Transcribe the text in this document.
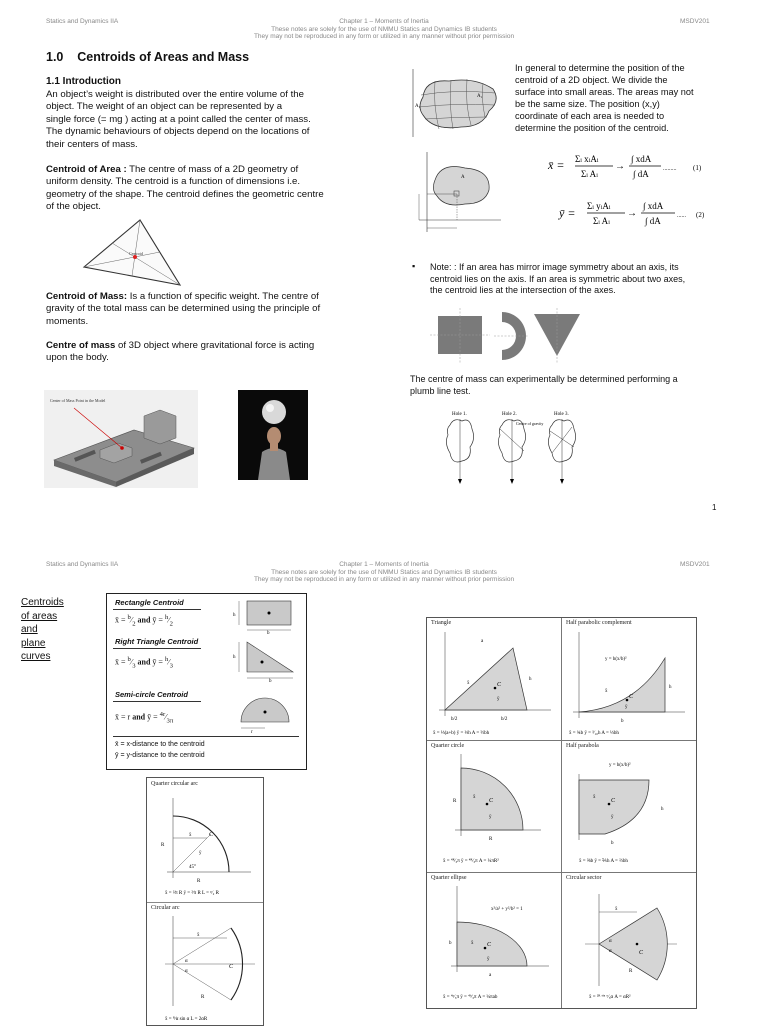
Statics and Dynamics IIA	Chapter 1 – Moments of Inertia
These notes are solely for the use of NMMU Statics and Dynamics IB students
They may not be reproduced in any form or utilized in any manner without prior permission
MSDV201
1.0    Centroids of Areas and Mass
1.1 Introduction
An object’s weight is distributed over the entire volume of the
object. The weight of an object can be represented by a
single force (= mg ) acting at a point called the center of mass.
The dynamic behaviours of objects depend on the locations of
their centers of mass.
Centroid of Area : The centre of mass of a 2D geometry of
uniform density. The centroid is a function of dimensions i.e.
geometry of the shape. The centroid defines the geometric centre
of the object.
Centroid
Centroid of Mass: Is a function of specific weight. The centre of
gravity of the total mass can be determined using the principle of
moments.
Centre of mass of 3D object where gravitational force is acting
upon the body.
Center of Mass Point in the Model
A₁
A₁
A
In general to determine the position of the
centroid of a 2D object. We divide the
surface into small areas. The areas may not
be the same size. The position (x,y)
coordinate of each area is needed to
determine the position of the centroid.
x̄ = Σi xiAi
Σi Ai
→
∫ xdA
∫ dA ......... (1)
ȳ = Σi yiAi
Σi Ai
→
∫ xdA
∫ dA	...... (2)
▪ Note: : If an area has mirror image symmetry about an axis, its
centroid lies on the axis. If an area is symmetric about two axes,
the centroid lies at the intersection of the axes.
The centre of mass can experimentally be determined performing a
plumb line test.
Hole 1.	Hole 2.	Hole 3.
Centre of gravity
1
Statics and Dynamics IIA	Chapter 1 – Moments of Inertia
These notes are solely for the use of NMMU Statics and Dynamics IB students
They may not be reproduced in any form or utilized in any manner without prior permission
MSDV201
Centroids
of areas
and
plane
curves
Rectangle Centroid
x̄ = $^b⁄_2$ and ȳ = $^h⁄_2$
Right Triangle Centroid
x̄ = $^b⁄_3$ and ȳ = $^h⁄_3$
Semi-circle Centroid
x̄ = r and ȳ = $^{4r}⁄_{3\pi}$
x̄ = x-distance to the centroid
ȳ = y-distance to the centroid
h
b
h
b
r
Quarter circular arc
x̄	C
ȳ
45°
R
R
x̄ = ²⁄π R ȳ = ²⁄π R L = ᵖ⁄₂ R
Circular arc
x̄
C
α
α
R
x̄ = ᴿ⁄α sin α L = 2αR
Triangle	Half parabolic complement
Quarter circle	Half parabola
Quarter ellipse	Circular sector
C
x̄
ȳ
h
a
b/2	b/2
x̄ = ⅓(a+b) ȳ = ⅓h A = ½bh
C
x̄
ȳ
y = h(x/b)²
h
b
x̄ = ¾b ȳ = ³⁄₁₀h A = ⅓bh
C
x̄
ȳ
R
R
x̄ = ⁴ᴿ⁄₃π ȳ = ⁴ᴿ⁄₃π A = ¼πR²
C
x̄
ȳ
y = h(x/b)²
h
b
x̄ = ⅜b ȳ = ⅖h A = ⅔bh
C
x̄
ȳ
x²/a² + y²/b² = 1
b
a
x̄ = ⁴ᵃ⁄₃π ȳ = ⁴ᵇ⁄₃π A = ¼πab
C
x̄
α
α
R
x̄ = ²ᴿ ˢⁱⁿ ᵅ⁄₃α A = αR²
